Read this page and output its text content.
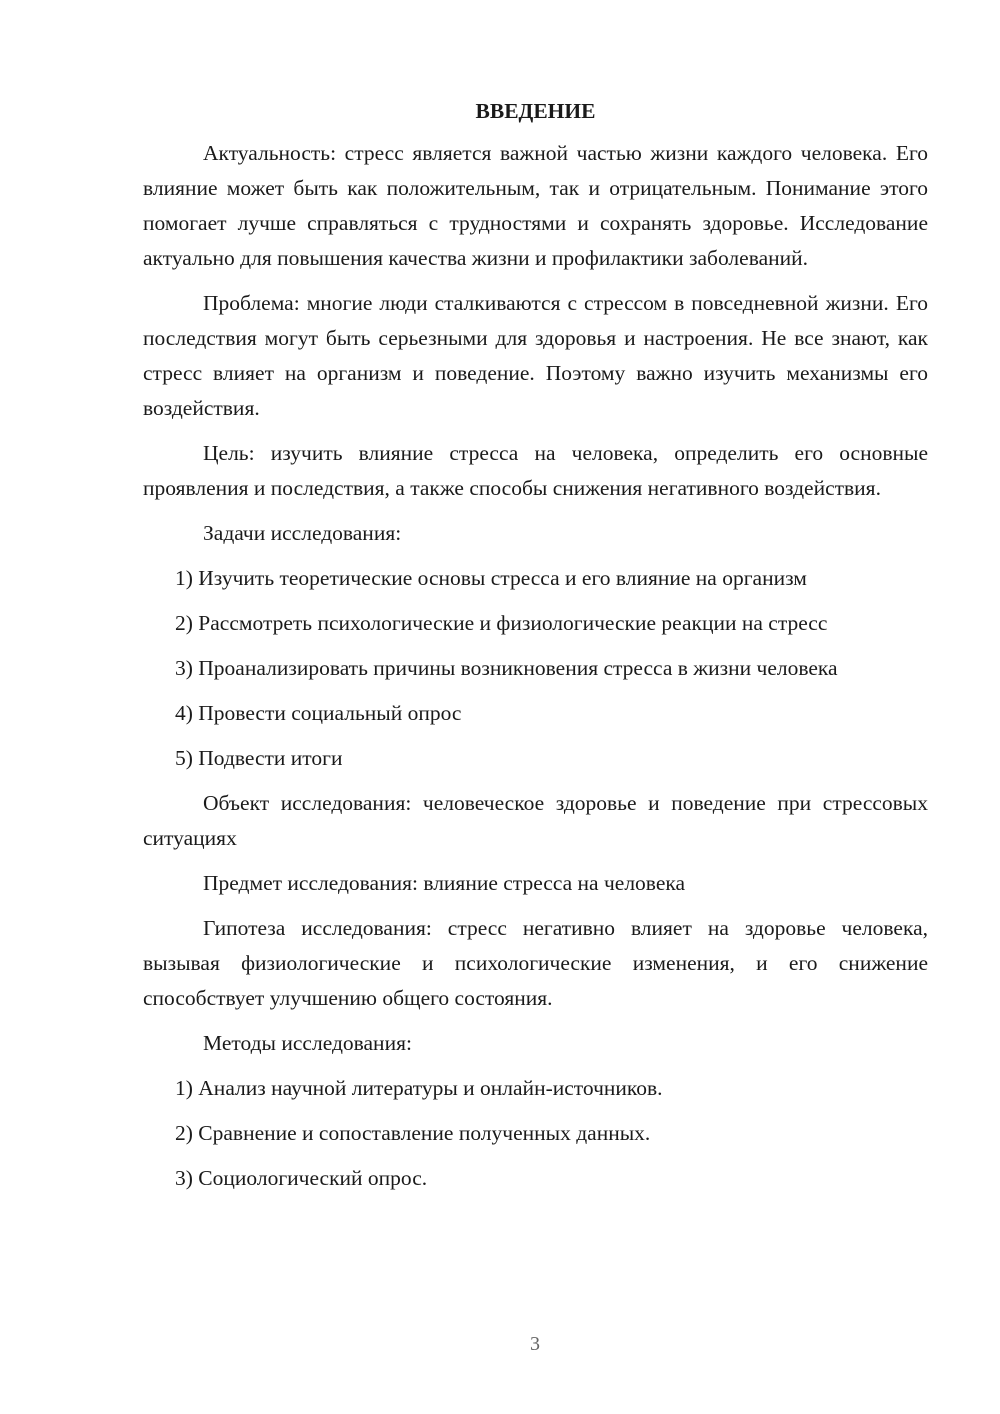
ВВЕДЕНИЕ

Актуальность: стресс является важной частью жизни каждого человека. Его влияние может быть как положительным, так и отрицательным. Понимание этого помогает лучше справляться с трудностями и сохранять здоровье. Исследование актуально для повышения качества жизни и профилактики заболеваний.

Проблема: многие люди сталкиваются с стрессом в повседневной жизни. Его последствия могут быть серьезными для здоровья и настроения. Не все знают, как стресс влияет на организм и поведение. Поэтому важно изучить механизмы его воздействия.

Цель: изучить влияние стресса на человека, определить его основные проявления и последствия, а также способы снижения негативного воздействия.

Задачи исследования:

1) Изучить теоретические основы стресса и его влияние на организм

2) Рассмотреть психологические и физиологические реакции на стресс

3) Проанализировать причины возникновения стресса в жизни человека

4) Провести социальный опрос

5) Подвести итоги

Объект исследования: человеческое здоровье и поведение при стрессовых ситуациях

Предмет исследования: влияние стресса на человека

Гипотеза исследования: стресс негативно влияет на здоровье человека, вызывая физиологические и психологические изменения, и его снижение способствует улучшению общего состояния.

Методы исследования:

1) Анализ научной литературы и онлайн-источников.

2) Сравнение и сопоставление полученных данных.

3) Социологический опрос.

3
